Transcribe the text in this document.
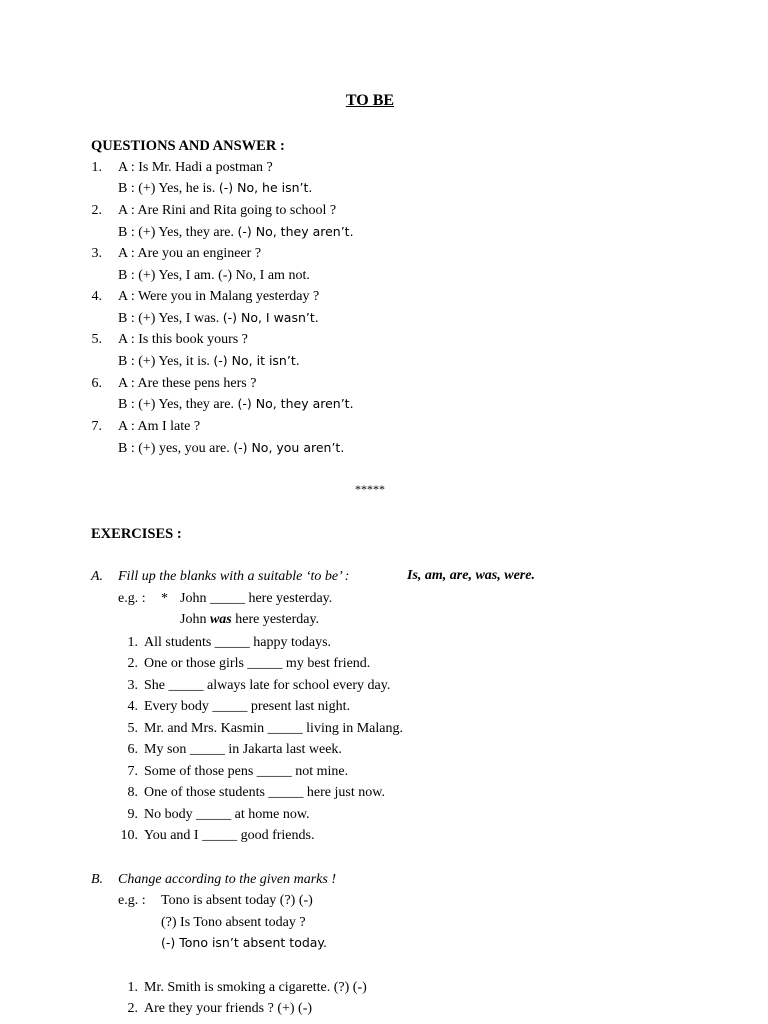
TO BE
QUESTIONS AND ANSWER :
1. A : Is Mr. Hadi a postman ?
B : (+) Yes, he is. (-) No, he isn’t.
2. A : Are Rini and Rita going to school ?
B : (+) Yes, they are. (-) No, they aren’t.
3. A : Are you an engineer ?
B : (+) Yes, I am. (-) No, I am not.
4. A : Were you in Malang yesterday ?
B : (+) Yes, I was. (-) No, I wasn’t.
5. A : Is this book yours ?
B : (+) Yes, it is. (-) No, it isn’t.
6. A : Are these pens hers ?
B : (+) Yes, they are. (-) No, they aren’t.
7. A : Am I late ?
B : (+) yes, you are. (-) No, you aren’t.
*****
EXERCISES :
A. Fill up the blanks with a suitable ‘to be’ :	Is, am, are, was, were.
e.g. : * John _____ here yesterday.
John was here yesterday.
1. All students _____ happy todays.
2. One or those girls _____ my best friend.
3. She _____ always late for school every day.
4. Every body _____ present last night.
5. Mr. and Mrs. Kasmin _____ living in Malang.
6. My son _____ in Jakarta last week.
7. Some of those pens _____ not mine.
8. One of those students _____ here just now.
9. No body _____ at home now.
10. You and I _____ good friends.
B. Change according to the given marks !
e.g. : Tono is absent today (?) (-)
(?) Is Tono absent today ?
(-) Tono isn’t absent today.
1. Mr. Smith is smoking a cigarette. (?) (-)
2. Are they your friends ? (+) (-)
